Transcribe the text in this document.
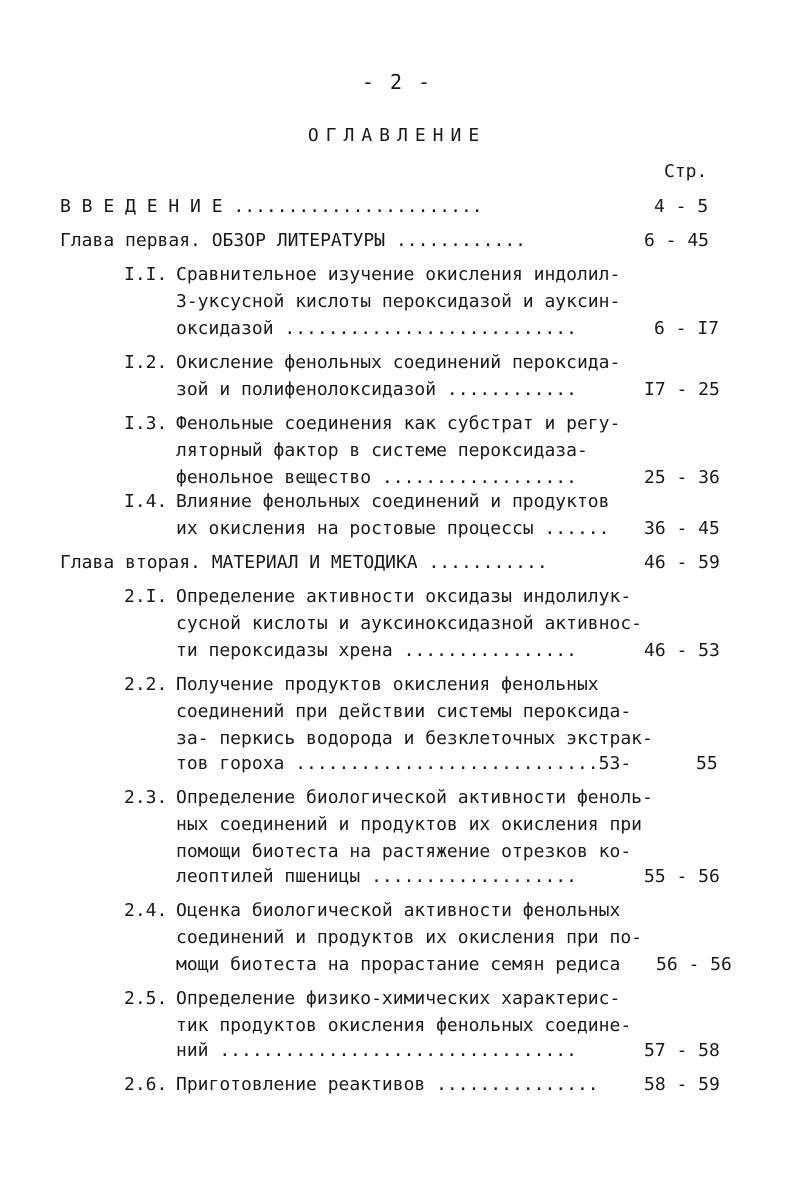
- 2 -
ОГЛАВЛЕНИЕ
Стр.
В В Е Д Е Н И Е .......................	4 - 5
Глава первая. ОБЗОР ЛИТЕРАТУРЫ ............	6 - 45
I.I. Сравнительное изучение окисления индолил-
3-уксусной кислоты пероксидазой и ауксин-
оксидазой ...........................	6 - I7
I.2. Окисление фенольных соединений пероксида-
зой и полифенолоксидазой ............	I7 - 25
I.3. Фенольные соединения как субстрат и регу-
ляторный фактор в системе пероксидаза-
фенольное вещество ..................	25 - 36
I.4. Влияние фенольных соединений и продуктов
их окисления на ростовые процессы ...... 36 - 45
Глава вторая. МАТЕРИАЛ И МЕТОДИКА ...........	46 - 59
2.I. Определение активности оксидазы индолилук-
сусной кислоты и ауксиноксидазной активнос-
ти пероксидазы хрена ................	46 - 53
2.2. Получение продуктов окисления фенольных
соединений при действии системы пероксида-
за- перкись водорода и безклеточных экстрак-
тов гороха ............................53-	55
2.3. Определение биологической активности феноль-
ных соединений и продуктов их окисления при
помощи биотеста на растяжение отрезков ко-
леоптилей пшеницы ...................	55 - 56
2.4. Оценка биологической активности фенольных
соединений и продуктов их окисления при по-
мощи биотеста на прорастание семян редиса 56 - 56
2.5. Определение физико-химических характерис-
тик продуктов окисления фенольных соедине-
ний .................................	57 - 58
2.6. Приготовление реактивов ...............	58 - 59
